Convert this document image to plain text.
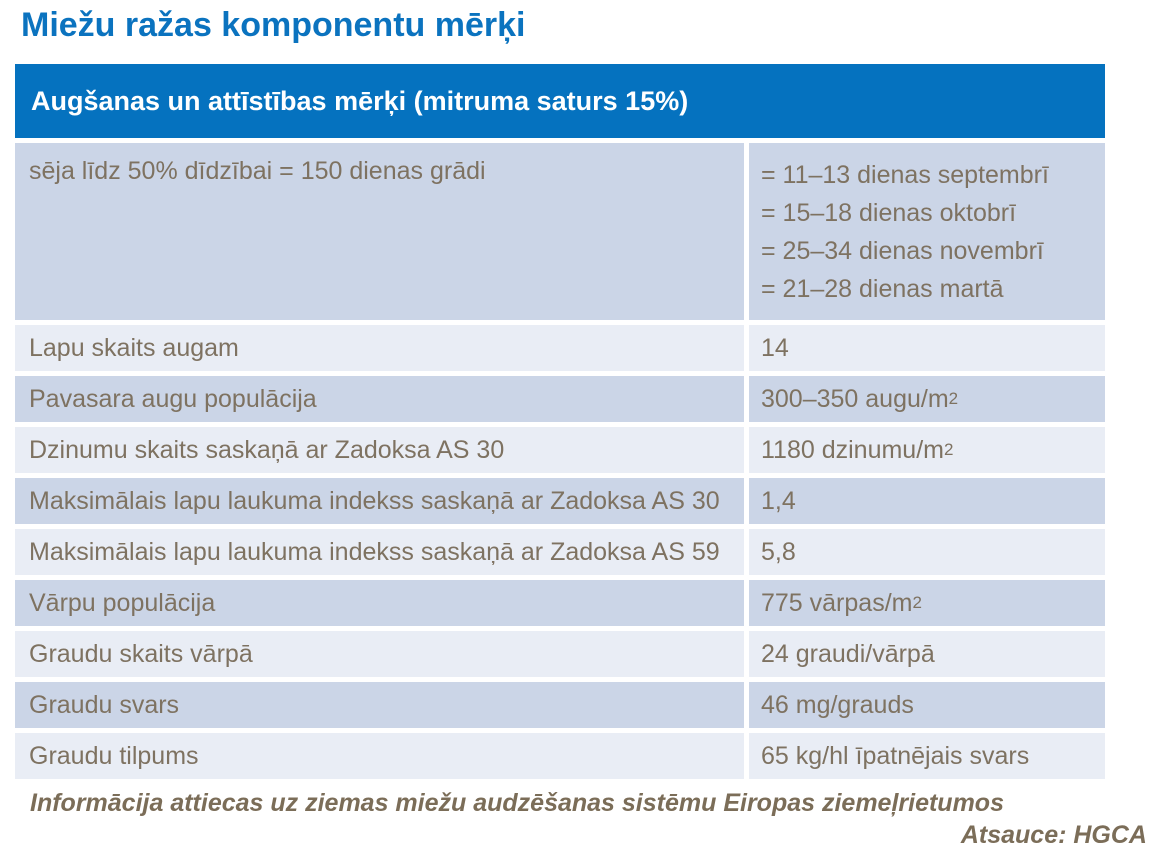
Miežu ražas komponentu mērķi
Augšanas un attīstības mērķi (mitruma saturs 15%)
sēja līdz 50% dīdzībai = 150 dienas grādi	= 11–13 dienas septembrī
= 15–18 dienas oktobrī
= 25–34 dienas novembrī
= 21–28 dienas martā
Lapu skaits augam	14
Pavasara augu populācija	300–350 augu/m 2
Dzinumu skaits saskaņā ar Zadoksa AS 30	1180 dzinumu/m 2
Maksimālais lapu laukuma indekss saskaņā ar Zadoksa AS 30	1,4
Maksimālais lapu laukuma indekss saskaņā ar Zadoksa AS 59	5,8
Vārpu populācija	775 vārpas/m 2
Graudu skaits vārpā	24 graudi/vārpā
Graudu svars	46 mg/grauds
Graudu tilpums	65 kg/hl īpatnējais svars
Informācija attiecas uz ziemas miežu audzēšanas sistēmu Eiropas ziemeļrietumos
Atsauce: HGCA
